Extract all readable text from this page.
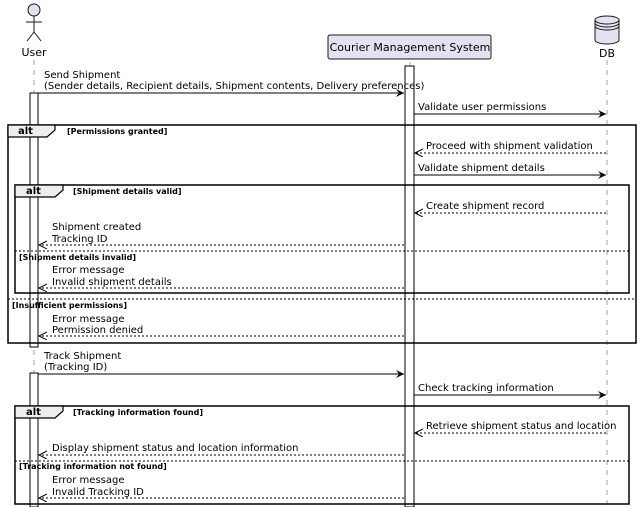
User	Courier Management System	DB
alt	[Permissions granted]
[Insufficient permissions]
alt	[Shipment details valid]
[Shipment details invalid]
alt	[Tracking information found]
[Tracking information not found]
Send Shipment
(Sender details, Recipient details, Shipment contents, Delivery preferences)
Validate user permissions
Proceed with shipment validation
Validate shipment details
Create shipment record
Shipment created
Tracking ID
Error message
Invalid shipment details
Error message
Permission denied
Track Shipment
(Tracking ID)
Check tracking information
Retrieve shipment status and location
Display shipment status and location information
Error message
Invalid Tracking ID
